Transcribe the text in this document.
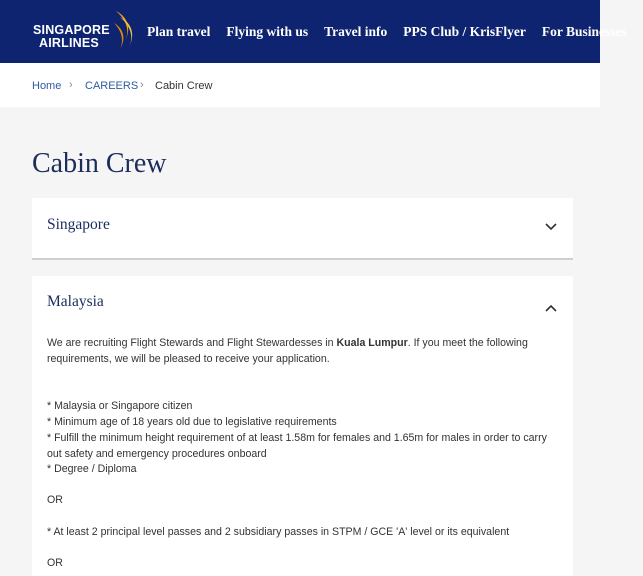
SINGAPORE
AIRLINES
Plan travel Flying with us Travel info PPS Club / KrisFlyer For Businesses
Home › CAREERS › Cabin Crew
Cabin Crew
Singapore
Malaysia
We are recruiting Flight Stewards and Flight Stewardesses in Kuala Lumpur. If you meet the following
requirements, we will be pleased to receive your application.
* Malaysia or Singapore citizen
* Minimum age of 18 years old due to legislative requirements
* Fulfill the minimum height requirement of at least 1.58m for females and 1.65m for males in order to carry
out safety and emergency procedures onboard
* Degree / Diploma
OR
* At least 2 principal level passes and 2 subsidiary passes in STPM / GCE 'A' level or its equivalent
OR
